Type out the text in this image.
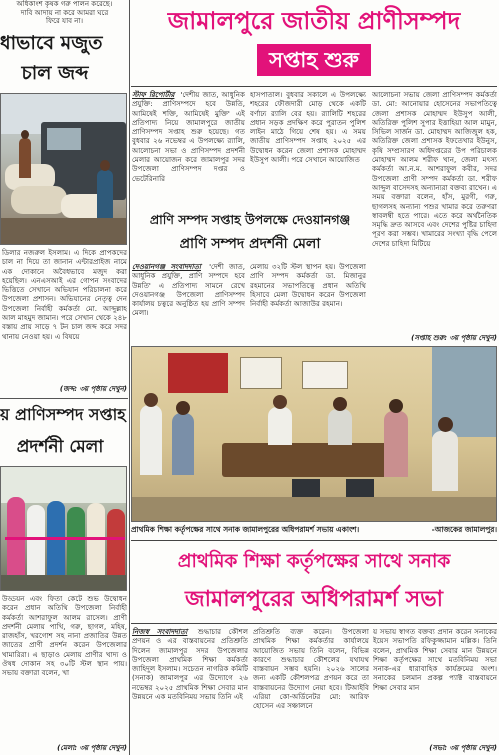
অধিকাংশ কৃষক গরু পালন করেছে।
দাবি আদায় না করে আমরা ঘরে
ফিরে যাব না।
ধাভাবে মজুত
চাল জব্দ
ডিলার নজরুল ইসলাম। এ দিকে প্রাপকদের চাল না দিয়ে তা জানান এন্টারপ্রাইজ নামে এক দোকানে অবৈধভাবে মজুদ করা হয়েছিল। এনএসআই এর গোপন সংবাদের ভিত্তিতে সেখানে অভিযান পরিচালনা করে উপজেলা প্রশাসন। অভিযানের নেতৃত্ব দেন উপজেলা নির্বাহী কর্মকর্তা মো. আব্দুল্লাহ আল মাহমুদ জামান। পরে সেখান থেকে ২৪৮ বস্তায় প্রায় সাড়ে ৭ টন চাল জব্দ করে সদর থানায় নেওয়া হয়। এ বিষয়ে
(জব্দ: ৩য় পৃষ্ঠায় দেখুন)
য় প্রাণিসম্পদ সপ্তাহ
প্রদর্শনী মেলা
উড্ডয়ন এবং ফিতা কেটে শুভ উদ্বোধন করেন প্রধান অতিথি উপজেলা নির্বাহী কর্মকর্তা আশরাফুল আলম রাসেল। প্রাণী প্রদর্শনী মেলায় পাখি, গরু, ছাগল, মহিষ, রাজহাঁস, খরগোশ সহ নানা প্রজাতির উন্নত জাতের প্রাণী প্রদর্শন করেন উপজেলার খামারিরা। এ ছাড়াও মেলায় প্রাণীর খাদ্য ও ঔষধ দোকান সহ ৩০টি স্টল স্থান পায়। সভায় বক্তারা বলেন, খা
(মেলা: ৩য় পৃষ্ঠায় দেখুন)
জামালপুরে জাতীয় প্রাণীসম্পদ
সপ্তাহ শুরু
স্টাফ রিপোর্টার 'দেশীয় জাত, আধুনিক প্রযুক্তি: প্রাণিসম্পদে হবে উন্নতি, আমিষেই শক্তি, আমিষেই মুক্তি' এই প্রতিপাদ্য নিয়ে জামালপুরে জাতীয় প্রাণিসম্পদ সপ্তাহ শুরু হয়েছে। গত বুধবার ২৬ নভেম্বর এ উপলক্ষ্যে র‌্যালি, আলোচনা সভা ও প্রাণিসম্পদ প্রদর্শনী মেলার আয়োজন করে জামালপুর সদর উপজেলা প্রাণিসম্পদ দপ্তর ও ভেটেরিনারি
হাসপাতাল। বুধবার সকালে এ উপলক্ষ্যে শহরের ফৌজদারী মোড় থেকে একটি বর্ণাঢ্য র‌্যালি বের হয়। র‌্যালিটি শহরের প্রধান সড়ক প্রদক্ষিণ করে পুরাতন পুলিশ লাইন মাঠে গিয়ে শেষ হয়। এ সময় জাতীয় প্রাণিসম্পদ সপ্তাহ ২০২৫ এর উদ্বোধন করেন জেলা প্রশাসক মোহাম্মদ ইউসুপ আলী। পরে সেখানে আয়োজিত
আলোচনা সভায় জেলা প্রাণিসম্পদ কর্মকর্তা ডা. মো: আনোয়ার হোসেনের সভাপতিত্বে জেলা প্রশাসক মোহাম্মদ ইউসুপ আলী, অতিরিক্ত পুলিশ সুপার ইত্তাহিয়া আল মামুন, সিভিল সার্জন ডা. মোহাম্মদ আজিজুল হক, অতিরিক্ত জেলা প্রশাসক ইফতেখার ইউনুস, কৃষি সম্প্রসারণ অধিদপ্তরের উপ পরিচালক মোহাম্মদ আলম শরীফ খান, জেলা মৎস্য কর্মকর্তা আ.ন.ম. আশরাফুল কবীর, সদর উপজেলা প্রাণী সম্পদ কর্মকর্তা ডা. শরীফ আব্দুল বাসেদসহ অন্যান্যরা বক্তব্য রাখেন। এ সময় বক্তারা বলেন, হাঁস, মুরগী, গরু, ছাগলসহ অন্যান্য পশুর খামার করে তরুণরা স্বাবলম্বী হতে পারে। এতে করে অর্থনৈতিক সমৃদ্ধি দ্রুত আসবে এবং দেশের পুষ্টির চাহিদা পূরণ করা সম্ভব। খামারের সংখ্যা বৃদ্ধি পেলে দেশের চাহিদা মিটিয়ে
(সপ্তাহ শুরু: ৩য় পৃষ্ঠায় দেখুন)
প্রাণি সম্পদ সপ্তাহ উপলক্ষে দেওয়ানগঞ্জ
প্রাণি সম্পদ প্রদর্শনী মেলা
দেওয়ানগঞ্জ সংবাদদাতা 'দেশী জাত, আধুনিক প্রযুক্তি, প্রাণি সম্পদে হবে উন্নতি' এ প্রতিপাদ্য সামনে রেখে দেওয়ানগঞ্জ উপজেলা প্রাণিসম্পদ কার্যালয় চত্বরে অনুষ্ঠিত হয় প্রাণি সম্পদ মেলা।
মেলায় ৩২টি স্টল স্থাপন হয়। উপজেলা প্রাণি সম্পদ কর্মকর্তা ডা. মিজানুর রহমানের সভাপতিত্বে প্রধান অতিথি হিসাবে মেলা উদ্বোধন করেন উপজেলা নির্বাহী কর্মকর্তা আজাউর রহমান।
প্রাথমিক শিক্ষা কর্তৃপক্ষের সাথে সনাক জামালপুরের অধিপরামর্শ সভায় একাংশ।	-আজকের জামালপুর।
প্রাথমিক শিক্ষা কর্তৃপক্ষের সাথে সনাক
জামালপুরের অধিপরামর্শ সভা
নিজস্ব সংবাদদাতা শুদ্ধাচার কৌশল প্রণয়ন ও এর বাস্তবায়নের প্রতিশ্রুতি দিলেন জামালপুর সদর উপজেলার উপজেলা প্রাথমিক শিক্ষা কর্মকর্তা জাহিদুল ইসলাম। সচেতন নাগরিক কমিটি (সনাক) জামালপুর এর উদ্যোগে ২৬ নভেম্বর ২০২৫ প্রাথমিক শিক্ষা সেবার মান উন্নয়নে এক মতবিনিময় সভায় তিনি এই
প্রতিশ্রুতি ব্যক্ত করেন। উপজেলা প্রাথমিক শিক্ষা কর্মকর্তার কার্যালয়ে আয়োজিত সভায় তিনি বলেন, বিভিন্ন কারণে শুদ্ধাচার কৌশলের যথাযথ বাস্তবায়ন সম্ভব হয়নি। ২০২৬ সালের জন্য একটি কৌশলপত্র প্রণয়ন করে তা বাস্তবায়নের উদ্যোগ নেয়া হবে। টিআইবি এরিয়া কো-অর্ডিনেটর মো: আরিফ হোসেন এর সঞ্চালনে
য় সভায় স্বাগত বক্তব্য প্রদান করেন সনাকের ইয়েস সভাপতি রফিকুজ্জামান মল্লিক। তিনি বলেন, প্রাথমিক শিক্ষা সেবার মান উন্নয়নে শিক্ষা কর্তৃপক্ষের সাথে মতবিনিময় সভা সনাক-এর ধারাবাহিক কার্যক্রমের অংশ। সনাকের চলমান প্রকল্প প্যাক্ট বাস্তবায়নে শিক্ষা সেবার মান
(সভা: ৩য় পৃষ্ঠায় দেখুন)
